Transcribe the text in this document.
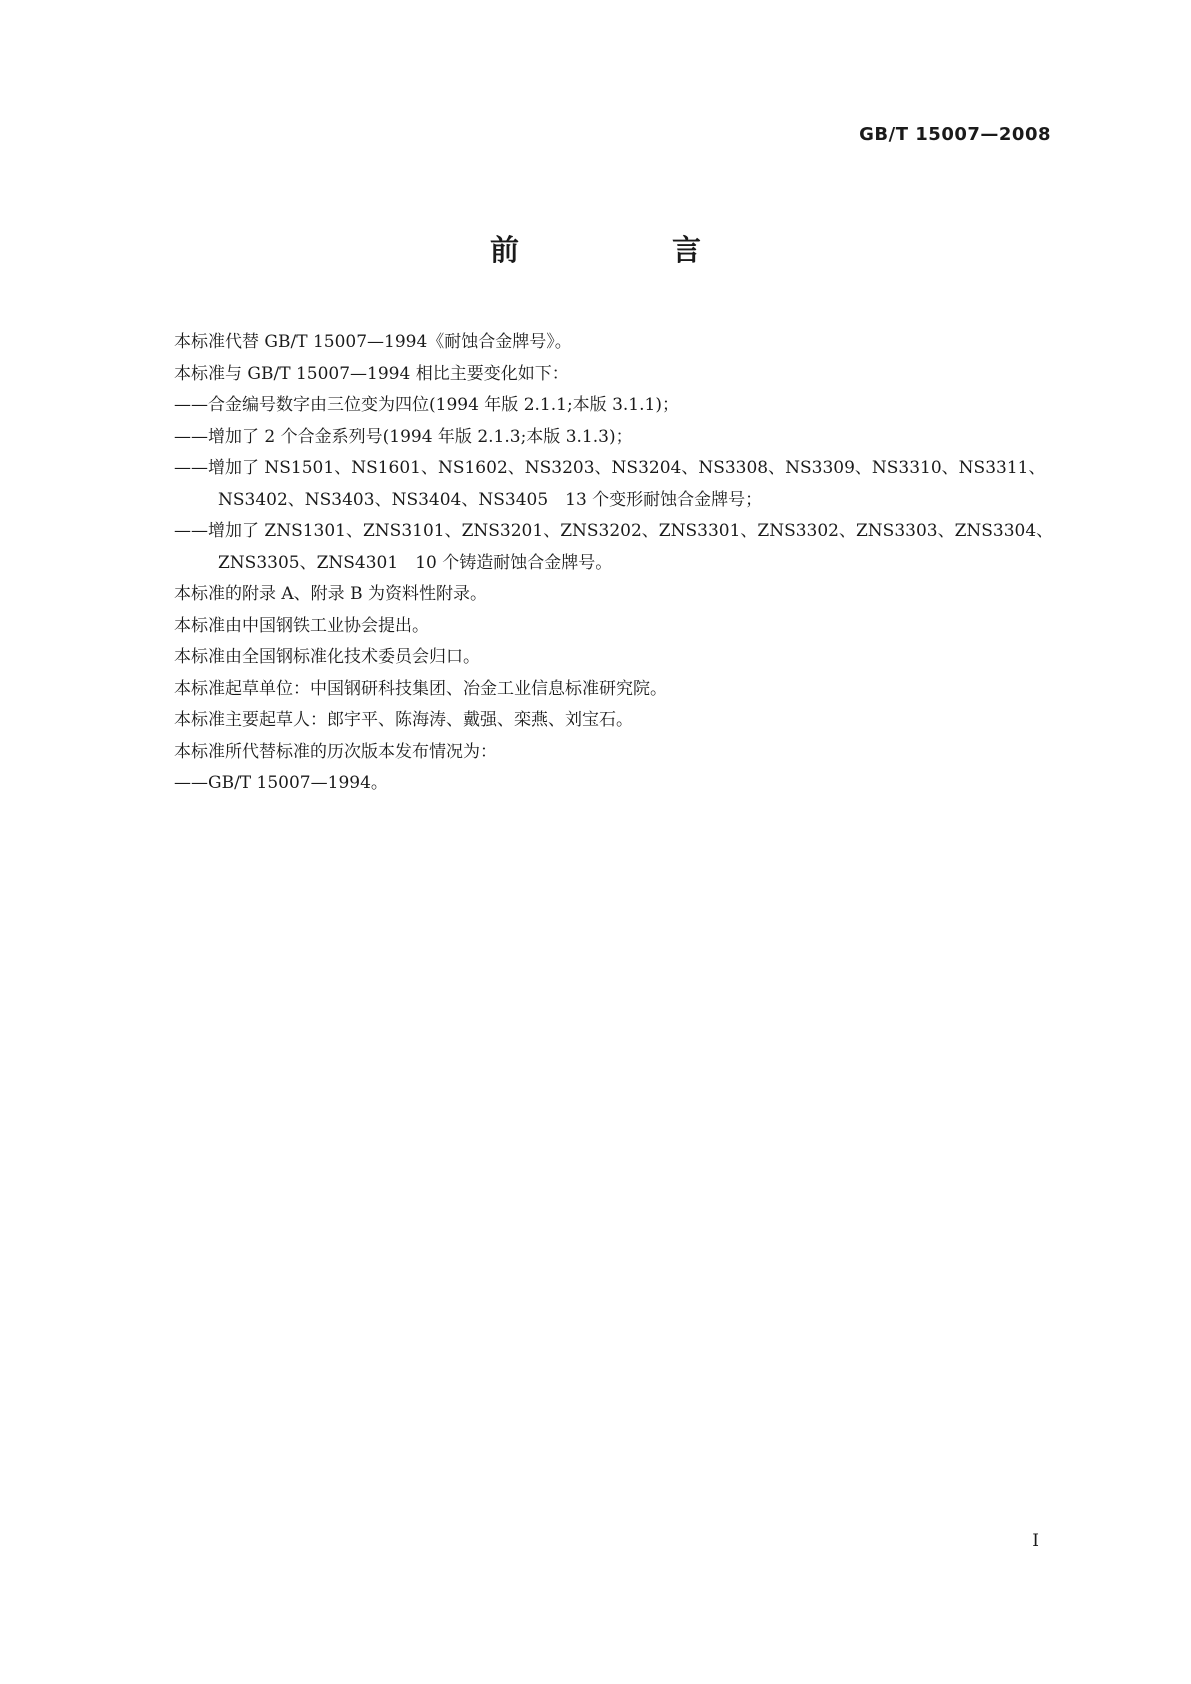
GB/T 15007—2008
前　言
本标准代替 GB/T 15007—1994《耐蚀合金牌号》。
本标准与 GB/T 15007—1994 相比主要变化如下：
——合金编号数字由三位变为四位(1994 年版 2.1.1;本版 3.1.1)；
——增加了 2 个合金系列号(1994 年版 2.1.3;本版 3.1.3)；
——增加了 NS1501、NS1601、NS1602、NS3203、NS3204、NS3308、NS3309、NS3310、NS3311、
NS3402、NS3403、NS3404、NS3405　13 个变形耐蚀合金牌号；
——增加了 ZNS1301、ZNS3101、ZNS3201、ZNS3202、ZNS3301、ZNS3302、ZNS3303、ZNS3304、
ZNS3305、ZNS4301　10 个铸造耐蚀合金牌号。
本标准的附录 A、附录 B 为资料性附录。
本标准由中国钢铁工业协会提出。
本标准由全国钢标准化技术委员会归口。
本标准起草单位：中国钢研科技集团、冶金工业信息标准研究院。
本标准主要起草人：郎宇平、陈海涛、戴强、栾燕、刘宝石。
本标准所代替标准的历次版本发布情况为：
——GB/T 15007—1994。
I
